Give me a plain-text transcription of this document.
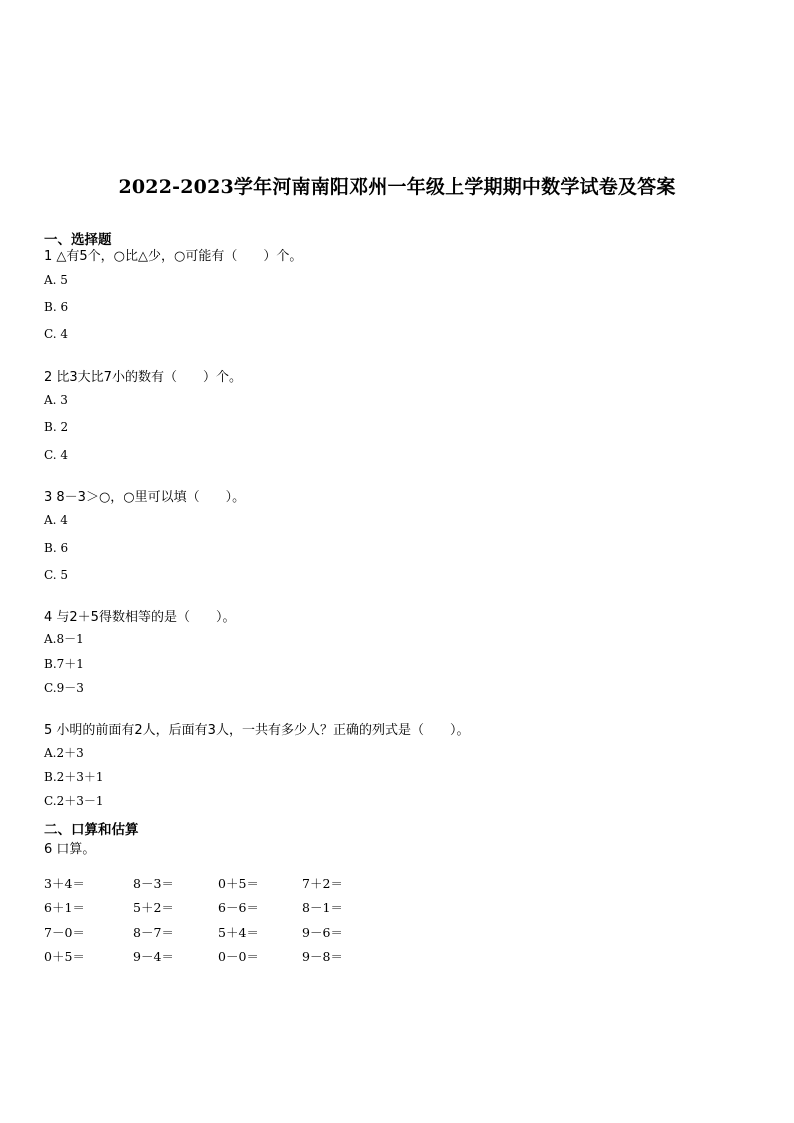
2022-2023学年河南南阳邓州一年级上学期期中数学试卷及答案
一、选择题
1 △有5个，○比△少，○可能有（　　）个。
A. 5
B. 6
C. 4
2 比3大比7小的数有（　　）个。
A. 3
B. 2
C. 4
3 8－3＞○，○里可以填（　　）。
A. 4
B. 6
C. 5
4 与2＋5得数相等的是（　　）。
A.8－1
B.7＋1
C.9－3
5 小明的前面有2人，后面有3人，一共有多少人？正确的列式是（　　）。
A.2＋3
B.2＋3＋1
C.2＋3－1
二、口算和估算
6 口算。
3＋4＝	8－3＝	0＋5＝	7＋2＝
6＋1＝	5＋2＝	6－6＝	8－1＝
7－0＝	8－7＝	5＋4＝	9－6＝
0＋5＝	9－4＝	0－0＝	9－8＝
